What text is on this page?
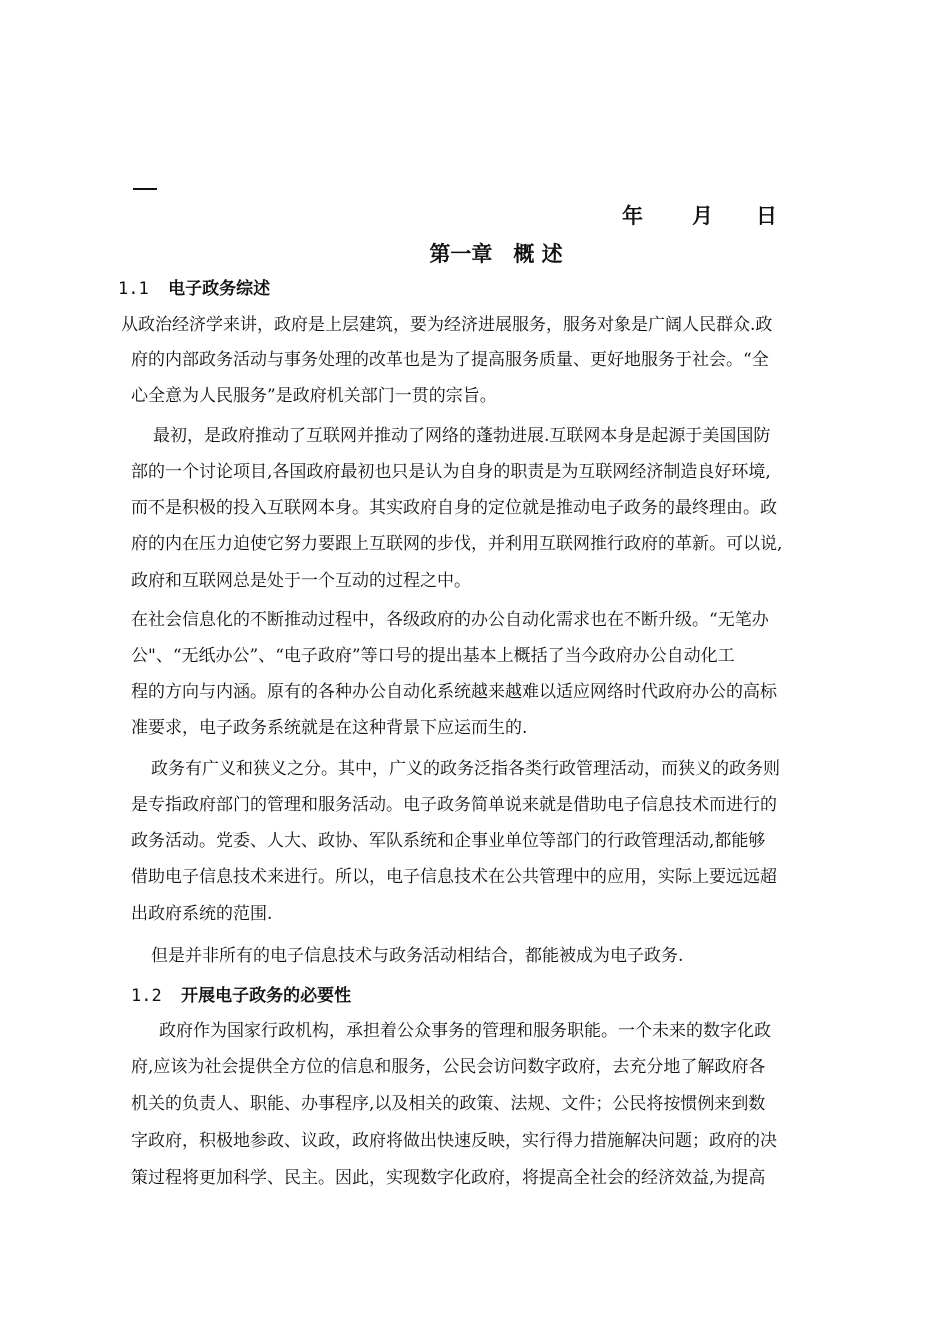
年 月 日
第一章　概 述
1.1 电子政务综述
从政治经济学来讲，政府是上层建筑，要为经济进展服务，服务对象是广阔人民群众.政
府的内部政务活动与事务处理的改革也是为了提高服务质量、更好地服务于社会。“全
心全意为人民服务”是政府机关部门一贯的宗旨。
最初，是政府推动了互联网并推动了网络的蓬勃进展.互联网本身是起源于美国国防
部的一个讨论项目,各国政府最初也只是认为自身的职责是为互联网经济制造良好环境,
而不是积极的投入互联网本身。其实政府自身的定位就是推动电子政务的最终理由。政
府的内在压力迫使它努力要跟上互联网的步伐，并利用互联网推行政府的革新。可以说,
政府和互联网总是处于一个互动的过程之中。
在社会信息化的不断推动过程中，各级政府的办公自动化需求也在不断升级。“无笔办
公"、“无纸办公”、“电子政府”等口号的提出基本上概括了当今政府办公自动化工
程的方向与内涵。原有的各种办公自动化系统越来越难以适应网络时代政府办公的高标
准要求，电子政务系统就是在这种背景下应运而生的.
政务有广义和狭义之分。其中，广义的政务泛指各类行政管理活动，而狭义的政务则
是专指政府部门的管理和服务活动。电子政务简单说来就是借助电子信息技术而进行的
政务活动。党委、人大、政协、军队系统和企事业单位等部门的行政管理活动,都能够
借助电子信息技术来进行。所以，电子信息技术在公共管理中的应用，实际上要远远超
出政府系统的范围.
但是并非所有的电子信息技术与政务活动相结合，都能被成为电子政务.
1.2 开展电子政务的必要性
政府作为国家行政机构，承担着公众事务的管理和服务职能。一个未来的数字化政
府,应该为社会提供全方位的信息和服务，公民会访问数字政府，去充分地了解政府各
机关的负责人、职能、办事程序,以及相关的政策、法规、文件；公民将按惯例来到数
字政府，积极地参政、议政，政府将做出快速反映，实行得力措施解决问题；政府的决
策过程将更加科学、民主。因此，实现数字化政府，将提高全社会的经济效益,为提高
